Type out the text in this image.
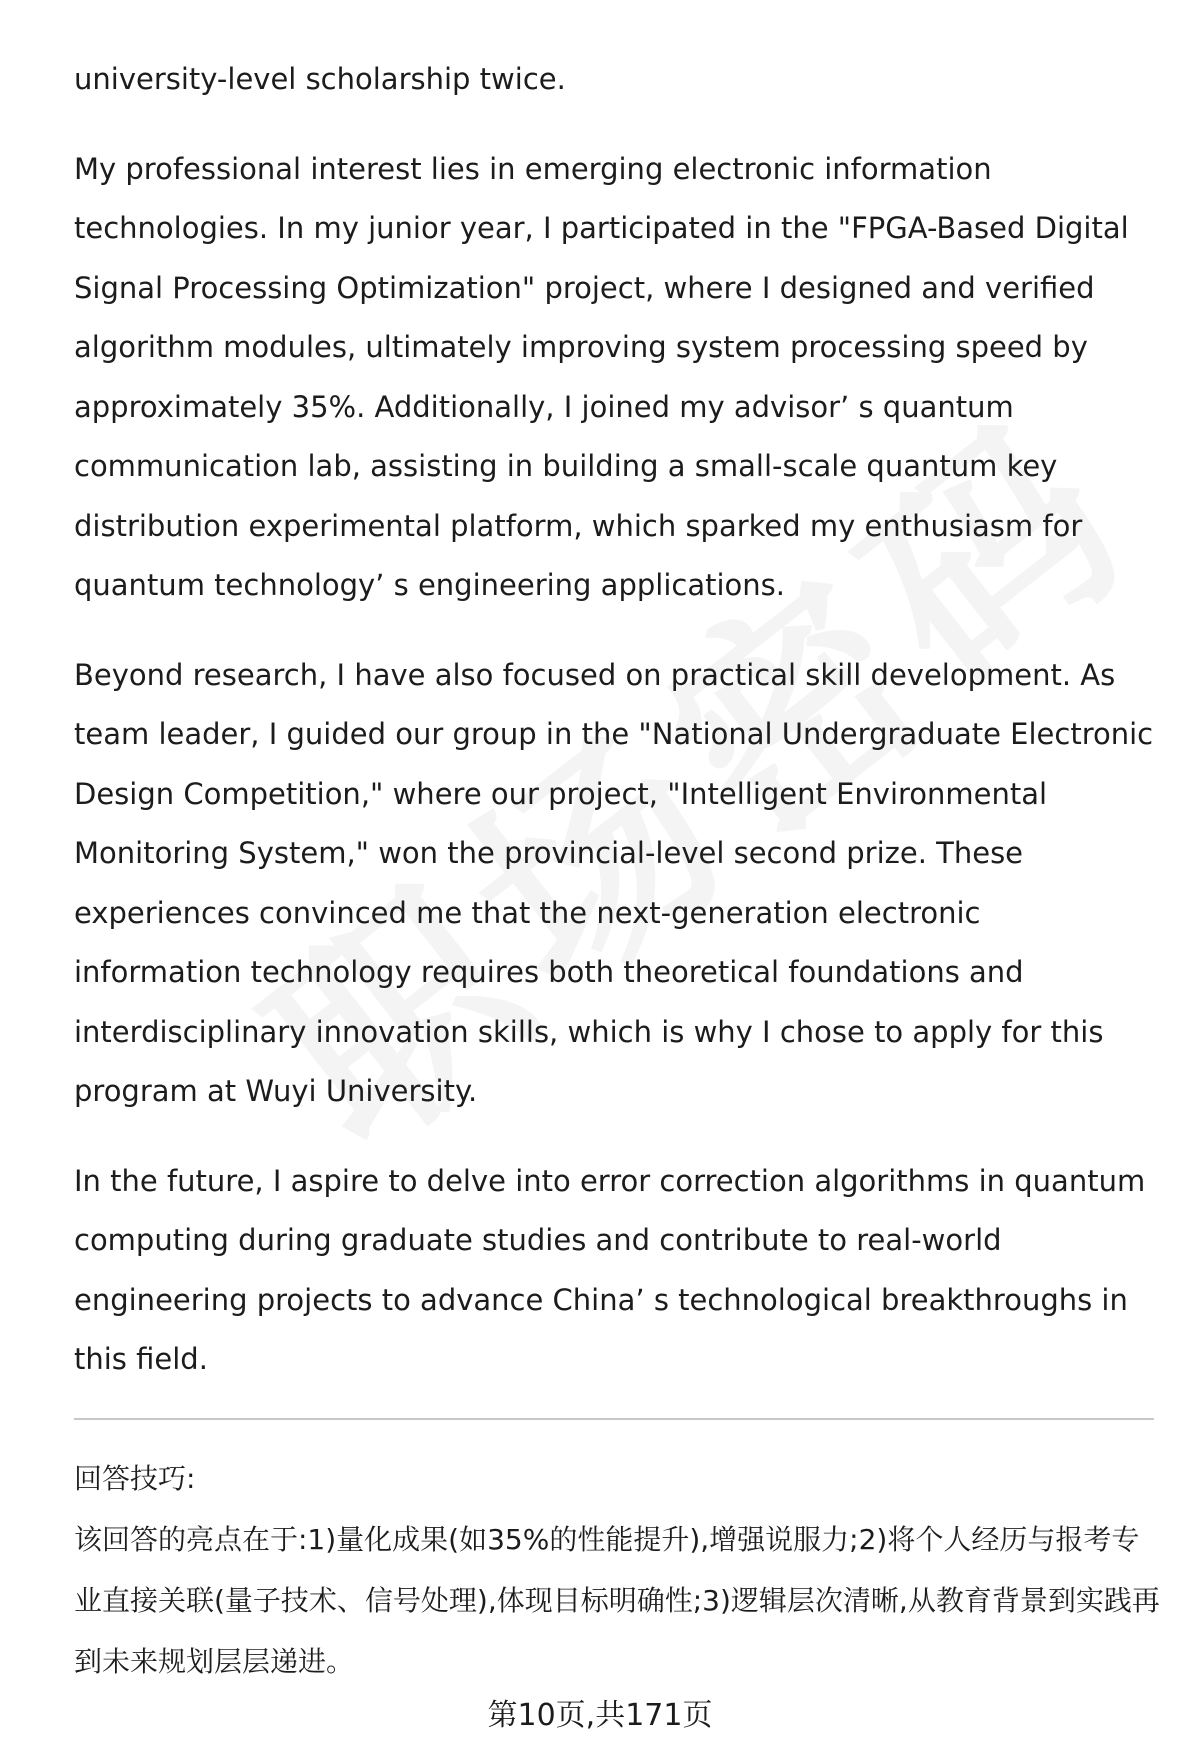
university-level scholarship twice.

My professional interest lies in emerging electronic information technologies. In my junior year, I participated in the "FPGA-Based Digital Signal Processing Optimization" project, where I designed and verified algorithm modules, ultimately improving system processing speed by approximately 35%. Additionally, I joined my advisor’ s quantum communication lab, assisting in building a small-scale quantum key distribution experimental platform, which sparked my enthusiasm for quantum technology’ s engineering applications.

Beyond research, I have also focused on practical skill development. As team leader, I guided our group in the "National Undergraduate Electronic Design Competition," where our project, "Intelligent Environmental Monitoring System," won the provincial-level second prize. These experiences convinced me that the next-generation electronic information technology requires both theoretical foundations and interdisciplinary innovation skills, which is why I chose to apply for this program at Wuyi University.

In the future, I aspire to delve into error correction algorithms in quantum computing during graduate studies and contribute to real-world engineering projects to advance China’ s technological breakthroughs in this field.

回答技巧:
该回答的亮点在于:1)量化成果(如35%的性能提升),增强说服力;2)将个人经历与报考专业直接关联(量子技术、信号处理),体现目标明确性;3)逻辑层次清晰,从教育背景到实践再到未来规划层层递进。
第10页,共171页
